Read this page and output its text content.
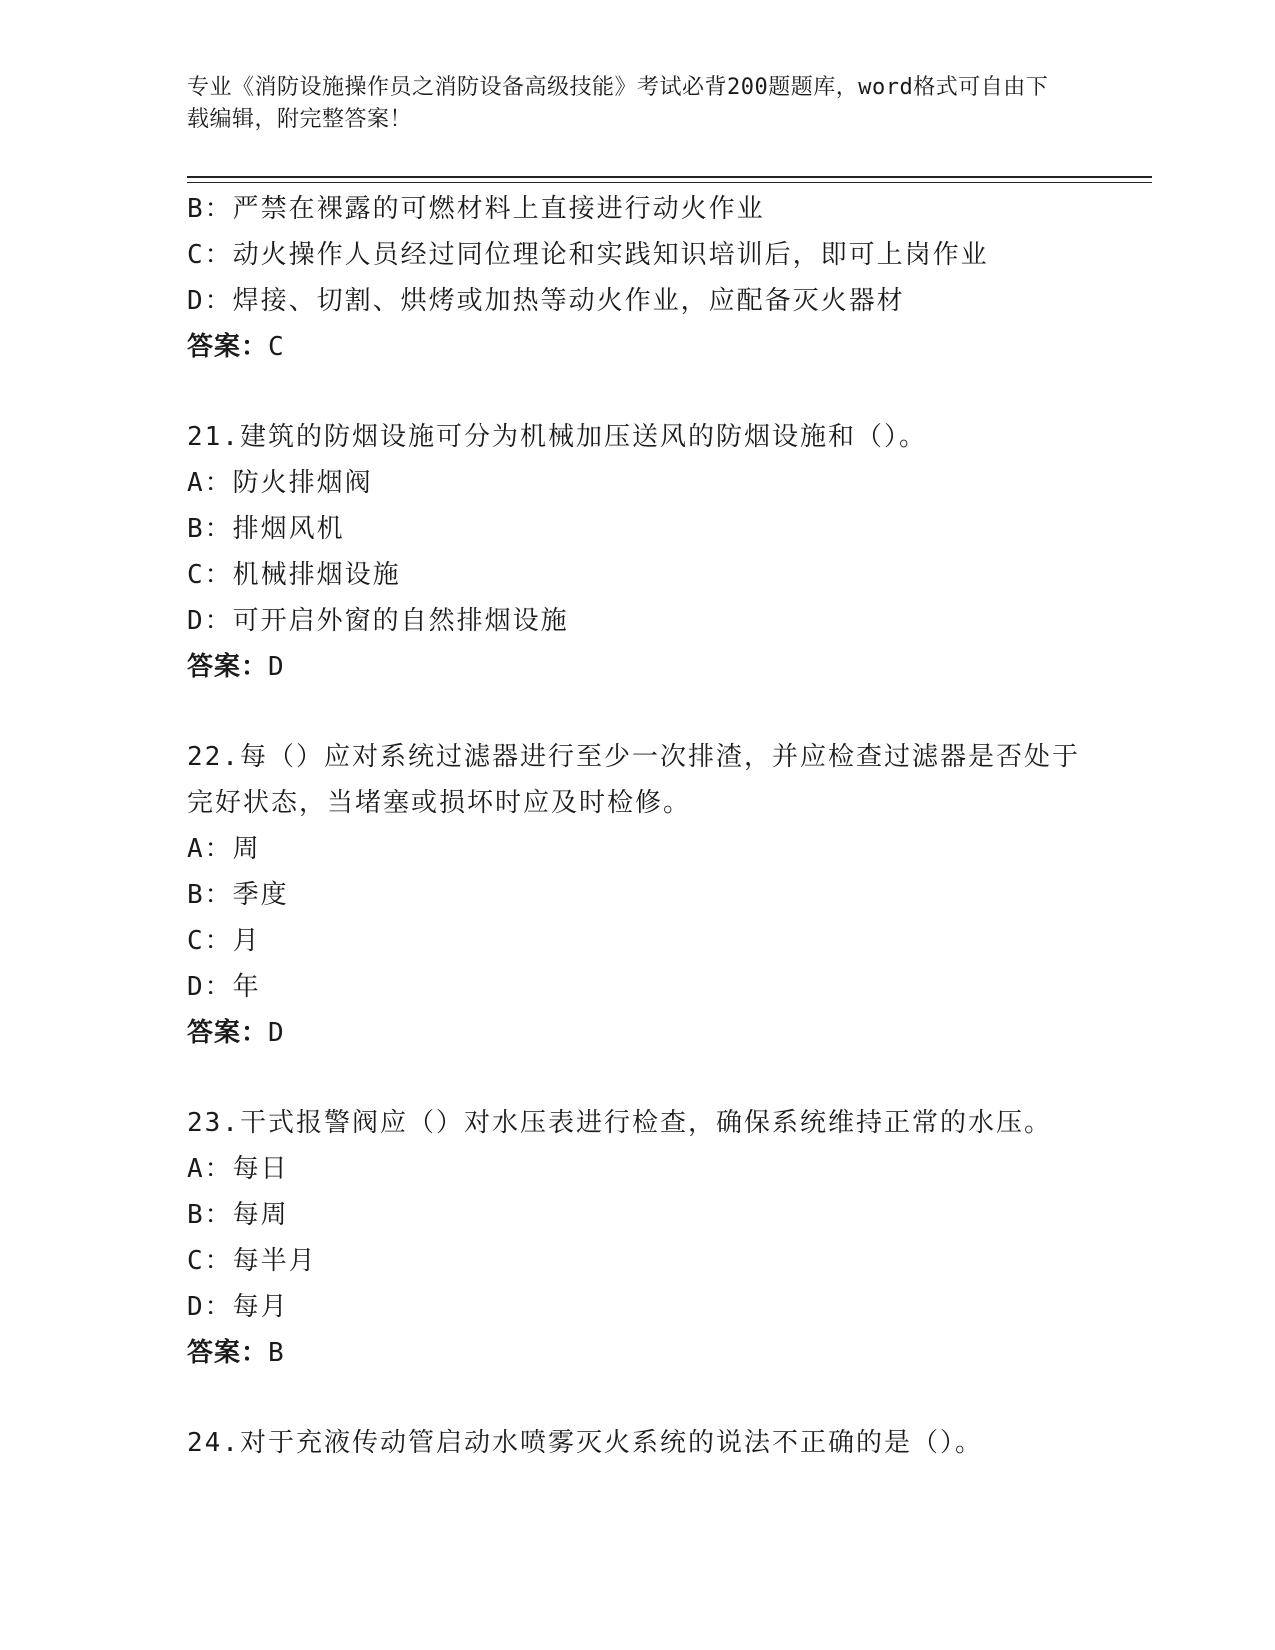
专业《消防设施操作员之消防设备高级技能》考试必背200题题库，word格式可自由下载编辑，附完整答案！
B：严禁在裸露的可燃材料上直接进行动火作业
C：动火操作人员经过同位理论和实践知识培训后，即可上岗作业
D：焊接、切割、烘烤或加热等动火作业，应配备灭火器材
答案：C
21.建筑的防烟设施可分为机械加压送风的防烟设施和（）。
A：防火排烟阀
B：排烟风机
C：机械排烟设施
D：可开启外窗的自然排烟设施
答案：D
22.每（）应对系统过滤器进行至少一次排渣，并应检查过滤器是否处于完好状态，当堵塞或损坏时应及时检修。
A：周
B：季度
C：月
D：年
答案：D
23.干式报警阀应（）对水压表进行检查，确保系统维持正常的水压。
A：每日
B：每周
C：每半月
D：每月
答案：B
24.对于充液传动管启动水喷雾灭火系统的说法不正确的是（）。
